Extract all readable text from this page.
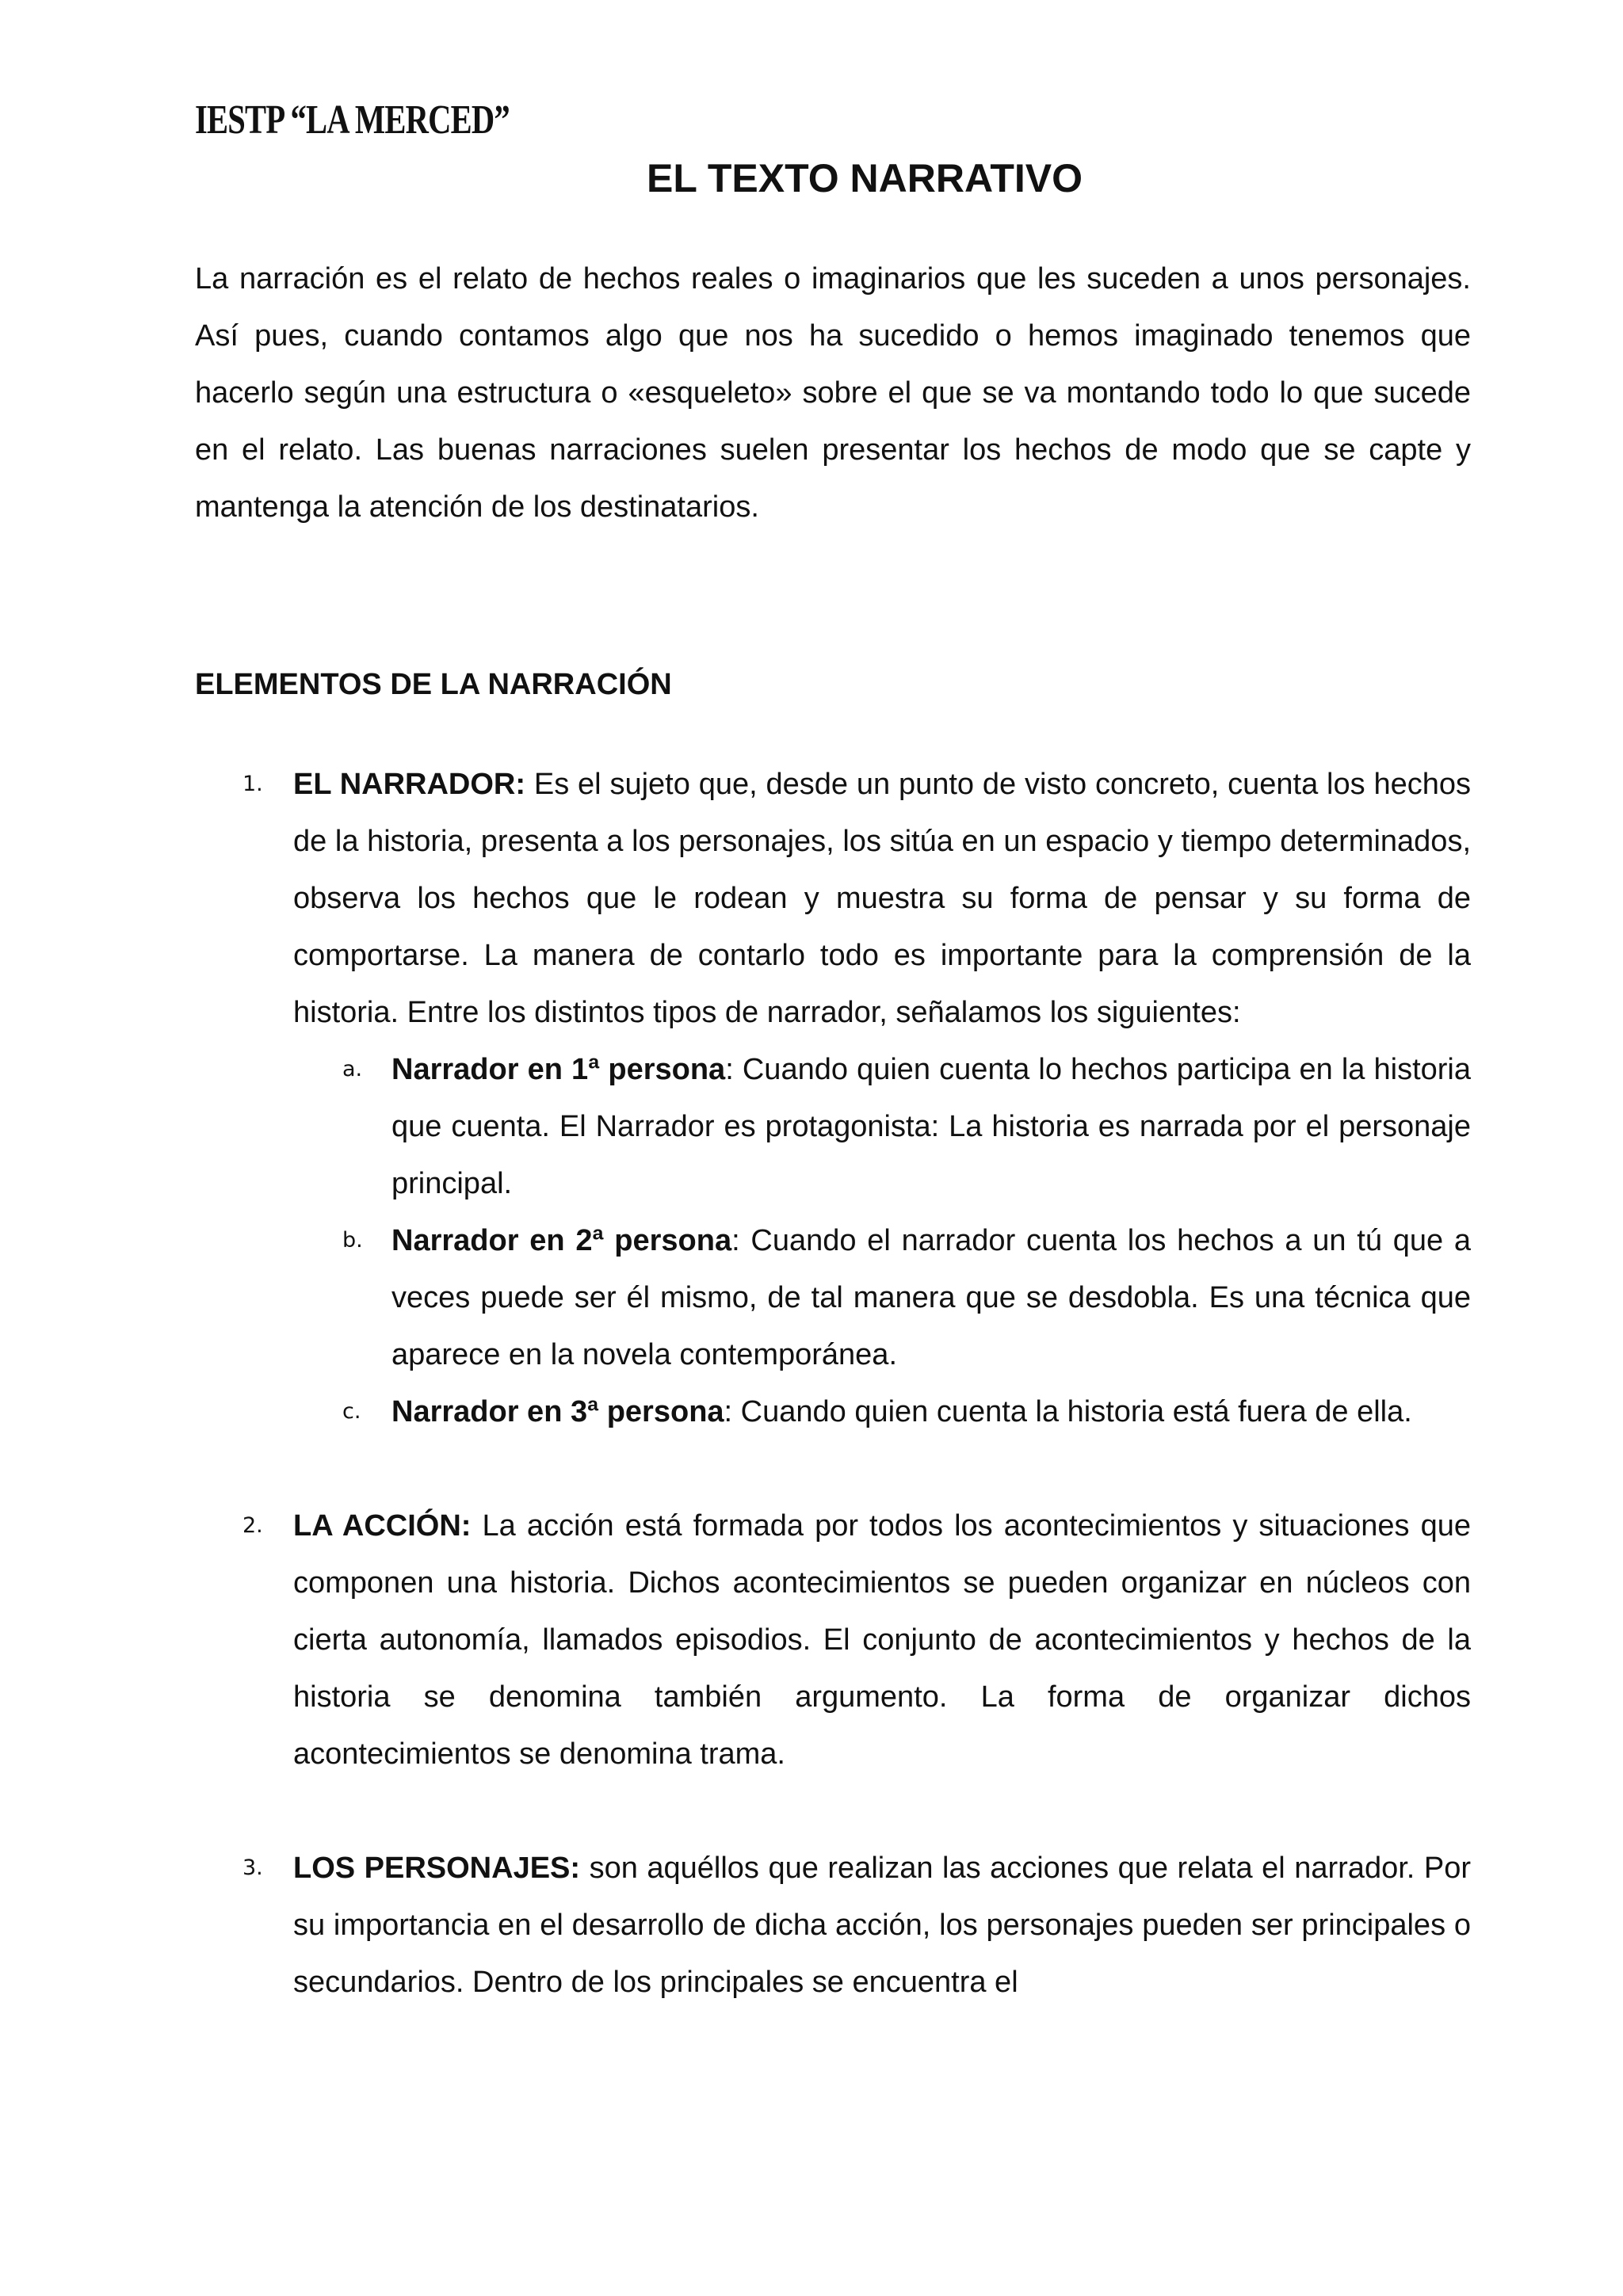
IESTP “LA MERCED”
EL TEXTO NARRATIVO

La narración es el relato de hechos reales o imaginarios que les suceden a unos personajes. Así pues, cuando contamos algo que nos ha sucedido o hemos imaginado tenemos que hacerlo según una estructura o «esqueleto» sobre el que se va montando todo lo que sucede en el relato. Las buenas narraciones suelen presentar los hechos de modo que se capte y mantenga la atención de los destinatarios.

ELEMENTOS DE LA NARRACIÓN
1. EL NARRADOR: Es el sujeto que, desde un punto de visto concreto, cuenta los hechos de la historia, presenta a los personajes, los sitúa en un espacio y tiempo determinados, observa los hechos que le rodean y muestra su forma de pensar y su forma de comportarse. La manera de contarlo todo es importante para la comprensión de la historia. Entre los distintos tipos de narrador, señalamos los siguientes:
a. Narrador en 1ª persona: Cuando quien cuenta lo hechos participa en la historia que cuenta. El Narrador es protagonista: La historia es narrada por el personaje principal.
b. Narrador en 2ª persona: Cuando el narrador cuenta los hechos a un tú que a veces puede ser él mismo, de tal manera que se desdobla. Es una técnica que aparece en la novela contemporánea.
c. Narrador en 3ª persona: Cuando quien cuenta la historia está fuera de ella.
2. LA ACCIÓN: La acción está formada por todos los acontecimientos y situaciones que componen una historia. Dichos acontecimientos se pueden organizar en núcleos con cierta autonomía, llamados episodios. El conjunto de acontecimientos y hechos de la historia se denomina también argumento. La forma de organizar dichos acontecimientos se denomina trama.
3. LOS PERSONAJES: son aquéllos que realizan las acciones que relata el narrador. Por su importancia en el desarrollo de dicha acción, los personajes pueden ser principales o secundarios. Dentro de los principales se encuentra el
